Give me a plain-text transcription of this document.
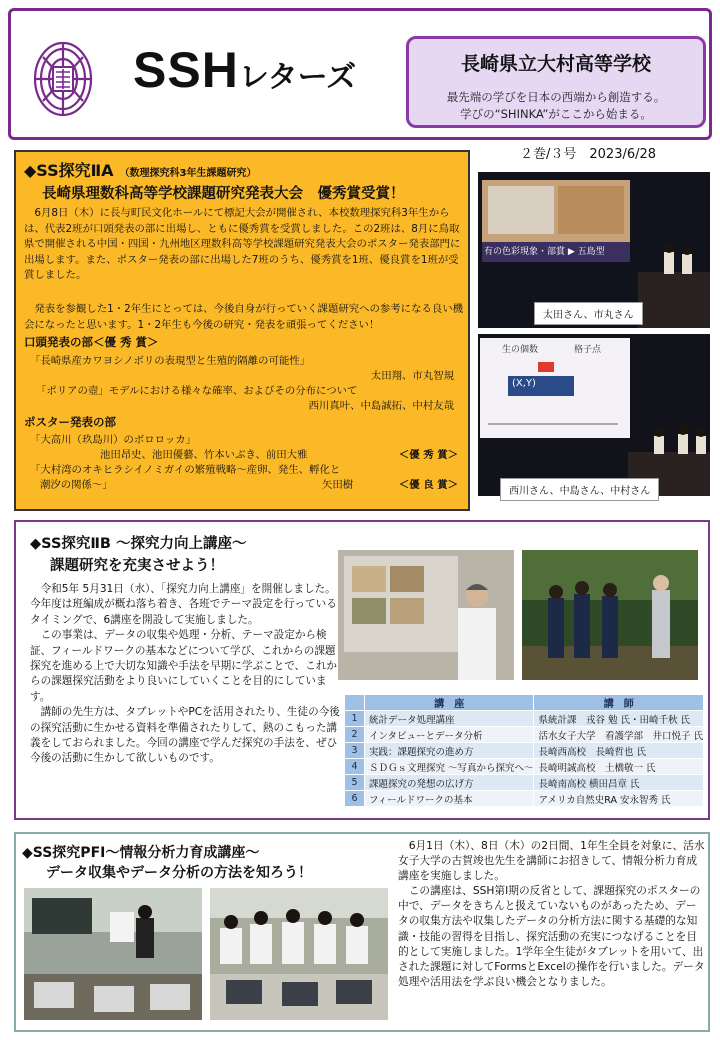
SSHレターズ	長崎県立大村高等学校
最先端の学びを日本の西端から創造する。
学びの“SHINKA”がここから始まる。
２巻/３号　2023/6/28
◆SS探究ⅡA （数理探究科3年生課題研究）
長崎県理数科高等学校課題研究発表大会　優秀賞受賞！

6月8日（木）に長与町民文化ホールにて標記大会が開催され、本校数理探究科3年生からは、代表2班が口頭発表の部に出場し、ともに優秀賞を受賞しました。この2班は、8月に鳥取県で開催される中国・四国・九州地区理数科高等学校課題研究発表大会のポスター発表部門に出場します。また、ポスター発表の部に出場した7班のうち、優秀賞を1班、優良賞を1班が受賞しました。

発表を参観した1・2年生にとっては、今後自身が行っていく課題研究への参考になる良い機会になったと思います。1・2年生も今後の研究・発表を頑張ってください！

口頭発表の部＜優 秀 賞＞
「長崎県産カワヨシノボリの表現型と生殖的隔離の可能性」
太田翔、市丸智規
「ポリアの壺」モデルにおける様々な確率、およびその分布について
西川真叶、中島誠拓、中村友哉
ポスター発表の部
「大高川（玖島川）のボロロッカ」
池田昂史、池田優藝、竹本いぶき、前田大雅	＜優 秀 賞＞
「大村湾のオキヒラシイノミガイの繁殖戦略～産卵、発生、孵化と
潮汐の関係～」	矢田樹	＜優 良 賞＞
有の色彩現象・部賞 ▶ 五島型
太田さん、市丸さん
生の個数	格子点
(X,Y)
西川さん、中島さん、中村さん
◆SS探究ⅡB ～探究力向上講座～
課題研究を充実させよう！

令和5年 5月31日（水）、「探究力向上講座」を開催しました。今年度は班編成が概ね落ち着き、各班でテーマ設定を行っているタイミングで、6講座を開設して実施しました。

この事業は、データの収集や処理・分析、テーマ設定から検証、フィールドワークの基本などについて学び、これからの課題探究を進める上で大切な知識や手法を早期に学ぶことで、これからの課題探究活動をより良いにしていくことを目的にしています。

講師の先生方は、タブレットやPCを活用されたり、生徒の今後の探究活動に生かせる資料を準備されたりして、熱のこもった講義をしておられました。今回の講座で学んだ探究の手法を、ぜひ今後の活動に生かして欲しいものです。

	講　座	講　師
1	統計データ処理講座	県統計課　戎谷 勉 氏・田崎千秋 氏
2	インタビューとデータ分析	活水女子大学　看護学部　井口悦子 氏
3	実践：課題探究の進め方	長崎西高校　長崎哲也 氏
4	ＳＤＧｓ文理探究 ～写真から探究へ～	長崎明誠高校　土橋敬一 氏
5	課題探究の発想の広げ方	長崎南高校 横田昌章 氏
6	フィールドワークの基本	アメリカ自然史RA 安永智秀 氏
◆SS探究PFⅠ～情報分析力育成講座～
データ収集やデータ分析の方法を知ろう！

6月1日（木）、8日（木）の2日間、1年生全員を対象に、活水女子大学の古賀竣也先生を講師にお招きして、情報分析力育成講座を実施しました。

この講座は、SSH第Ⅰ期の反省として、課題探究のポスターの中で、データをきちんと扱えていないものがあったため、データの収集方法や収集したデータの分析方法に関する基礎的な知識・技能の習得を目指し、探究活動の充実につなげることを目的として実施しました。1学年全生徒がタブレットを用いて、出された課題に対してFormsとExcelの操作を行いました。データ処理や活用法を学ぶ良い機会となりました。
